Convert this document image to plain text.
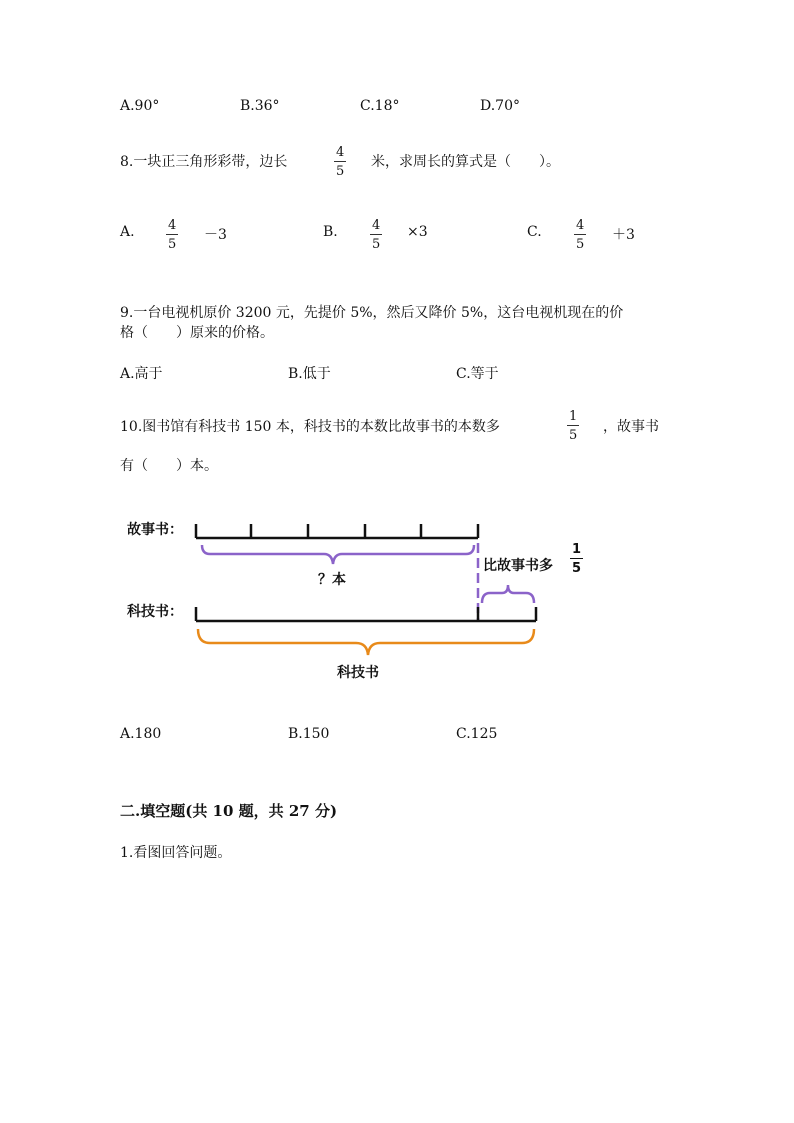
A.90°	B.36°	C.18°	D.70°
8.一块正三角形彩带，边长
4
5
米，求周长的算式是（　　）。
A.	4
5
－3	B.	4
5
×3	C.	4
5
＋3
9.一台电视机原价 3200 元，先提价 5%，然后又降价 5%，这台电视机现在的价
格（　　）原来的价格。
A.高于	B.低于	C.等于
10.图书馆有科技书 150 本，科技书的本数比故事书的本数多
1
5
，故事书
有（　　）本。
故事书：
？本
比故事书多
1
5
科技书：
科技书
A.180	B.150	C.125
二.填空题(共 10 题，共 27 分)
1.看图回答问题。
